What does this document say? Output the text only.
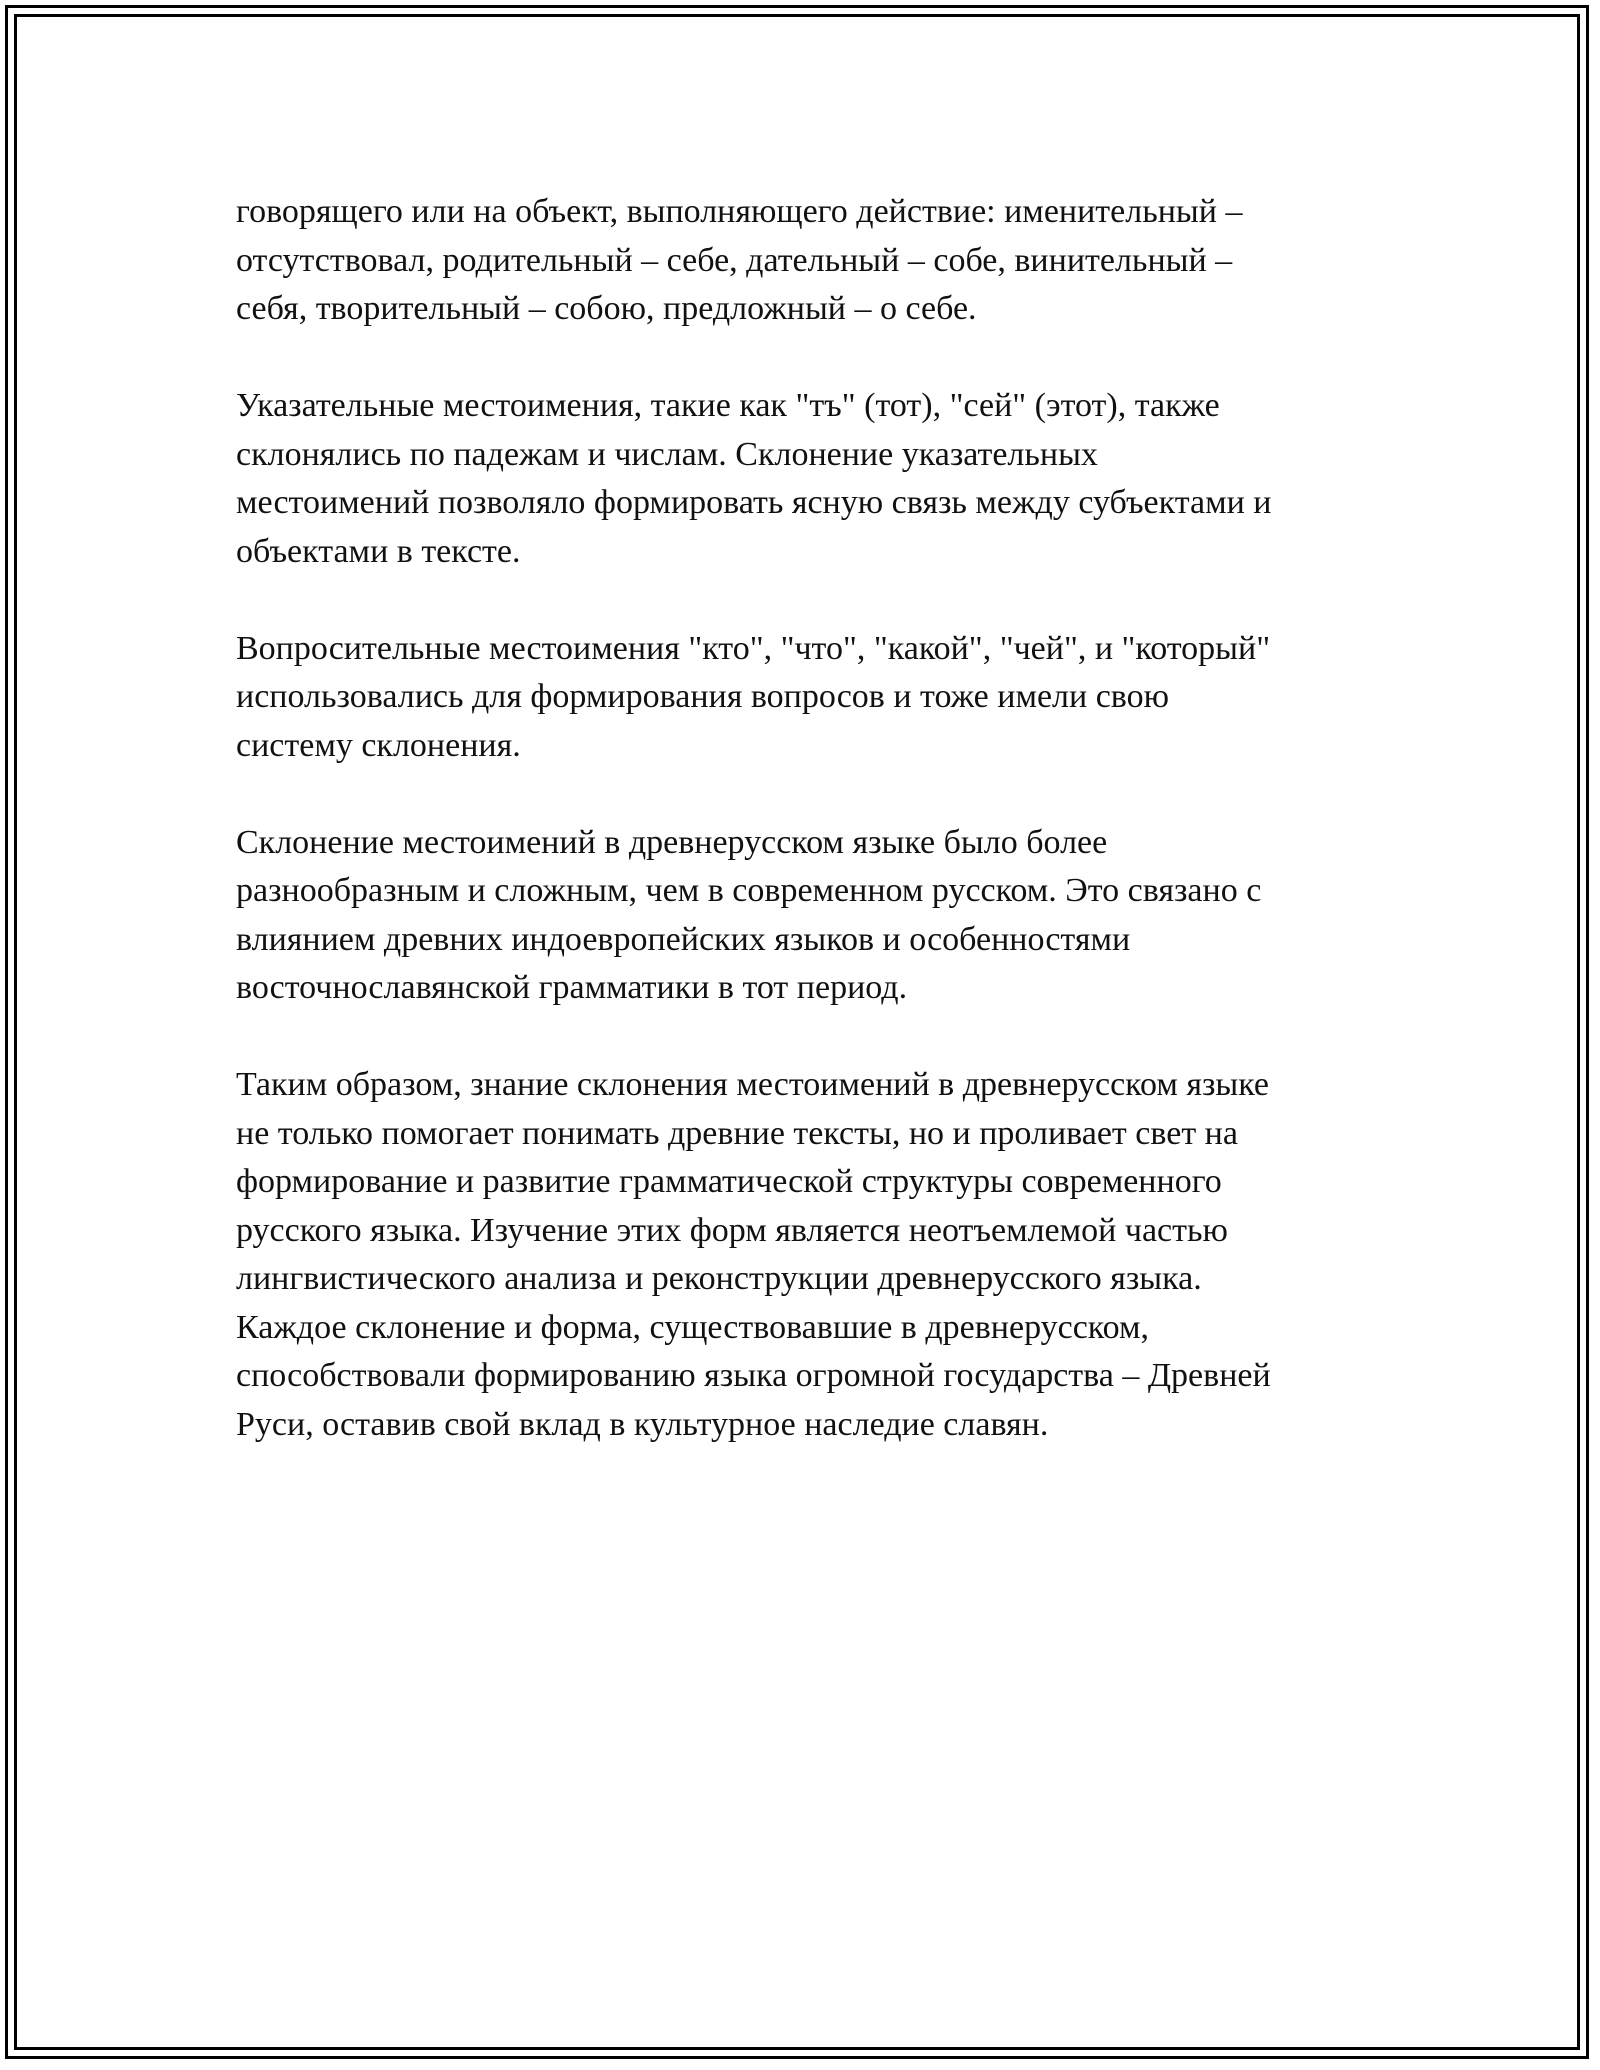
говорящего или на объект, выполняющего действие: именительный –
отсутствовал, родительный – себе, дательный – собе, винительный –
себя, творительный – собою, предложный – о себе.

Указательные местоимения, такие как "тъ" (тот), "сей" (этот), также
склонялись по падежам и числам. Склонение указательных
местоимений позволяло формировать ясную связь между субъектами и
объектами в тексте.

Вопросительные местоимения "кто", "что", "какой", "чей", и "который"
использовались для формирования вопросов и тоже имели свою
систему склонения.

Склонение местоимений в древнерусском языке было более
разнообразным и сложным, чем в современном русском. Это связано с
влиянием древних индоевропейских языков и особенностями
восточнославянской грамматики в тот период.

Таким образом, знание склонения местоимений в древнерусском языке
не только помогает понимать древние тексты, но и проливает свет на
формирование и развитие грамматической структуры современного
русского языка. Изучение этих форм является неотъемлемой частью
лингвистического анализа и реконструкции древнерусского языка.
Каждое склонение и форма, существовавшие в древнерусском,
способствовали формированию языка огромной государства – Древней
Руси, оставив свой вклад в культурное наследие славян.
